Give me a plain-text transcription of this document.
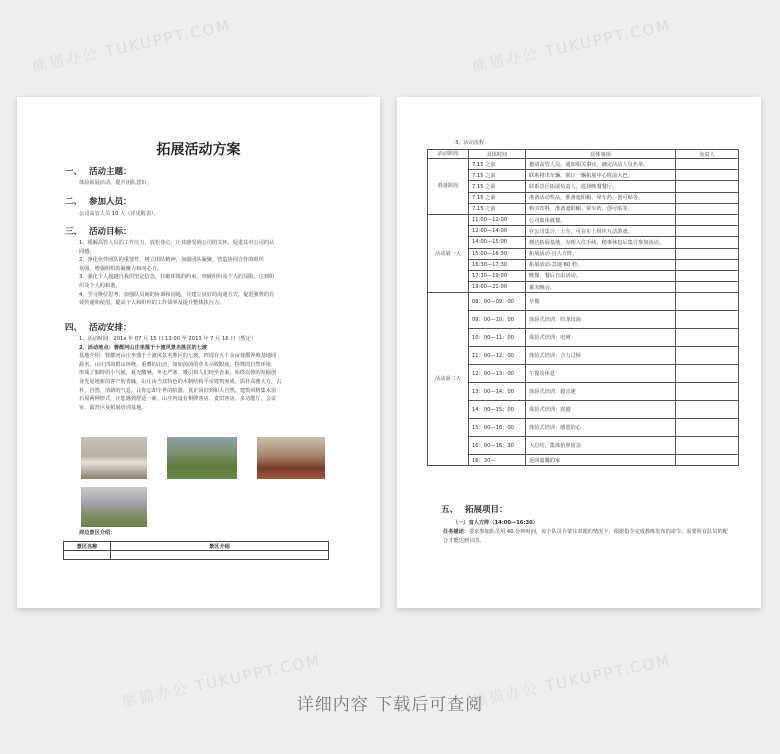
熊猫办公 TUKUPPT.COM
熊猫办公 TUKUPPT.COM
熊猫办公 TUKUPPT.COM
熊猫办公 TUKUPPT.COM
拓展活动方案
一、 活动主题：
体验拓展活动，提升团队意识。
二、 参加人员：
公司高管人员 10 人（详见附表）。
三、 活动目标：
1、缓解高管人员的工作压力，放松身心；让其感受到公司的关怀，促进其对公司的认
同感。
2、净化伙伴团队的重要性，树立团队精神，加强团队凝聚，营造协同合作的组织
氛围，增强组织的凝聚力和向心力。
3、强化个人超越自我的坚定信念，打破环境的约束，突破组织及个人的局限，达到组
织及个人的和谐。
4、学习换位思考，加强队员间的协调和沟通，并建立良好的沟通方式，促进强势的有
效传递和使用，提高个人和组织的工作效率及提升整体执行力。
四、 活动安排：
1、活动时间：201x 年 07 月 15 日 13:00 至 2013 年 7 月 16 日（暂定）
2、活动地点：蓉都河山庄坐落于十渡风景名胜区的七渡
基地介绍：蓉都河山庄坐落于十渡风景名胜区的七渡，四周有五十余亩蓉都养殖基地同
源名，山庄四周群山环绕，重叠的山峦，如如茵茵的草木尽收眼底，特殊的自然环境，
形成了独特的小气候，夏无酷暑，冬无严寒，吸引着人们纷至沓来。始终以蓉的发掘创
业先见地新的客产的青睐，山庄由当其特色的木制结构平房建筑而成，质朴高雅大方，古
朴、自然，清新的气息，让你忘却尘世的喧嚣，真正回归到和大自然。建筑风格集木屋
石屋两种形式，让您感到舒适一新。山庄内设有棋牌客房、麦田客房、多功能厅，会议
室、露营区及拓展培训基地。
周边景区介绍：
景区名称	景区介绍

3、活动流程：
活动阶段	具体时间	具体事项	负责人
准备阶段	7.15 之前	邀请高管人员，通知相关事宜，确定活动人员名单。	
	7.15 之前	联系将出车辆，联订一辆拓展中心班前大巴。	
	7.15 之前	联系景区拓展负责人，选择晚餐餐厅。	
	7.15 之前	准备活动奖品，准备遮阳帽、晕车药、创可贴等。	
	7.15 之前	购买饮料，准备遮阳帽、晕车药、创可贴等。	
活动第一天	11:00—12:00	公司集体就餐。	
	12:00—14:00	在公司集合，上车，可在车上组织互动游戏。	
	14:00—15:00	到达拓展基地，办理入住手续，稍事休息后集合参加活动。	
	15:00—16:30	拓展活动-盲人方阵。	
	16:30—17:30	拓展活动-急速 60 秒。	
	17:30—19:00	晚餐，餐后自由活动。	
	19:00—21:00	篝火晚会。	
活动第二天	08：00—09：00	早餐	
	09：00—10：00	体验式培训：绞龙出海	
	10：00—11：00	体验式培训：电网	
	11：00—12：00	体验式培训：合力过桥	
	12：00—13：00	午餐及休息	
	13：00—14：00	体验式培训：超音速	
	14：00—15：00	体验式培训：震撼	
	15：00—16：00	体验式培训：感恩的心	
	16：00—16：30	大总结，集体拍照留念	
	16：30—	返回嘉馨的家	
五、 拓展项目：
（一）盲人方阵（14:00—16:30）
任务描述：要求参加队员用 40 分钟时间，每个队员在蒙住双眼的情况下，根据指令完成教练发布的命令，需要所有队员的配合才能达到目的。
详细内容 下载后可查阅
